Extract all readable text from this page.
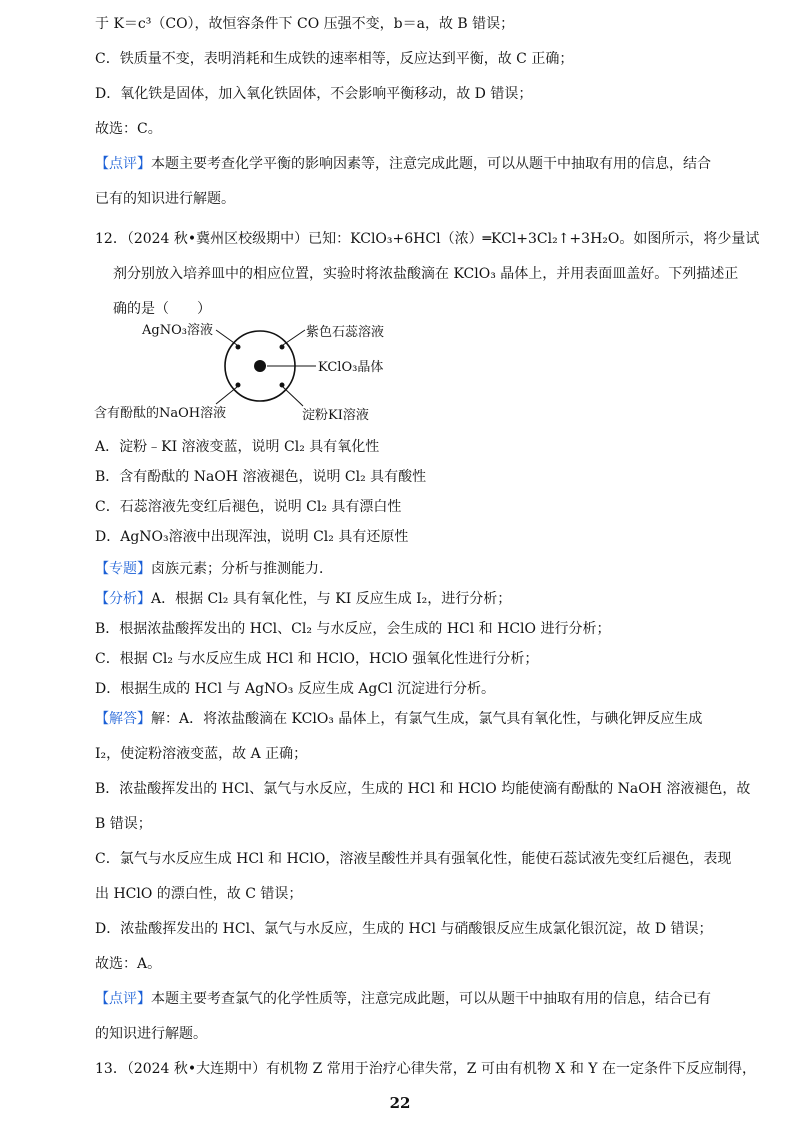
于 K＝c³（CO），故恒容条件下 CO 压强不变，b＝a，故 B 错误；
C．铁质量不变，表明消耗和生成铁的速率相等，反应达到平衡，故 C 正确；
D．氧化铁是固体，加入氧化铁固体，不会影响平衡移动，故 D 错误；
故选：C。
【点评】本题主要考查化学平衡的影响因素等，注意完成此题，可以从题干中抽取有用的信息，结合
已有的知识进行解题。
12．（2024 秋•冀州区校级期中）已知：KClO₃+6HCl（浓）═KCl+3Cl₂↑+3H₂O。如图所示，将少量试
剂分别放入培养皿中的相应位置，实验时将浓盐酸滴在 KClO₃ 晶体上，并用表面皿盖好。下列描述正
确的是（　　）
AgNO₃溶液	紫色石蕊溶液
KClO₃晶体
含有酚酞的NaOH溶液	淀粉KI溶液
A．淀粉﹣KI 溶液变蓝，说明 Cl₂ 具有氧化性
B．含有酚酞的 NaOH 溶液褪色，说明 Cl₂ 具有酸性
C．石蕊溶液先变红后褪色，说明 Cl₂ 具有漂白性
D．AgNO₃溶液中出现浑浊，说明 Cl₂ 具有还原性
【专题】卤族元素；分析与推测能力．
【分析】A．根据 Cl₂ 具有氧化性，与 KI 反应生成 I₂，进行分析；
B．根据浓盐酸挥发出的 HCl、Cl₂ 与水反应，会生成的 HCl 和 HClO 进行分析；
C．根据 Cl₂ 与水反应生成 HCl 和 HClO，HClO 强氧化性进行分析；
D．根据生成的 HCl 与 AgNO₃ 反应生成 AgCl 沉淀进行分析。
【解答】解：A．将浓盐酸滴在 KClO₃ 晶体上，有氯气生成，氯气具有氧化性，与碘化钾反应生成
I₂，使淀粉溶液变蓝，故 A 正确；
B．浓盐酸挥发出的 HCl、氯气与水反应，生成的 HCl 和 HClO 均能使滴有酚酞的 NaOH 溶液褪色，故
B 错误；
C．氯气与水反应生成 HCl 和 HClO，溶液呈酸性并具有强氧化性，能使石蕊试液先变红后褪色，表现
出 HClO 的漂白性，故 C 错误；
D．浓盐酸挥发出的 HCl、氯气与水反应，生成的 HCl 与硝酸银反应生成氯化银沉淀，故 D 错误；
故选：A。
【点评】本题主要考查氯气的化学性质等，注意完成此题，可以从题干中抽取有用的信息，结合已有
的知识进行解题。
13．（2024 秋•大连期中）有机物 Z 常用于治疗心律失常，Z 可由有机物 X 和 Y 在一定条件下反应制得，
22
